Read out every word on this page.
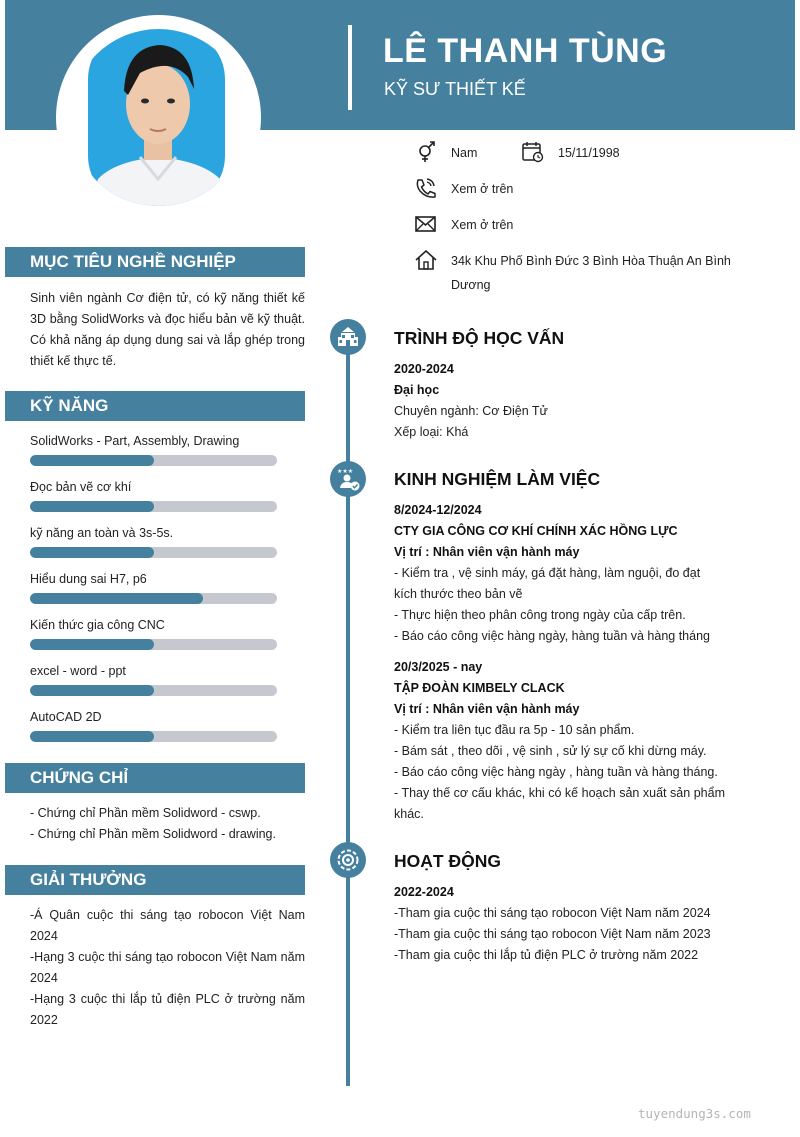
LÊ THANH TÙNG
KỸ SƯ THIẾT KẾ
Nam	15/11/1998
Xem ở trên
Xem ở trên
34k Khu Phố Bình Đức 3 Bình Hòa Thuận An Bình Dương
MỤC TIÊU NGHỀ NGHIỆP
Sinh viên ngành Cơ điện tử, có kỹ năng thiết kế 3D bằng SolidWorks và đọc hiểu bản vẽ kỹ thuật. Có khả năng áp dụng dung sai và lắp ghép trong thiết kế thực tế.
KỸ NĂNG
SolidWorks - Part, Assembly, Drawing
Đọc bản vẽ cơ khí
kỹ năng an toàn và 3s-5s.
Hiểu dung sai H7, p6
Kiến thức gia công CNC
excel - word - ppt
AutoCAD 2D
CHỨNG CHỈ
- Chứng chỉ Phần mềm Solidword - cswp.
- Chứng chỉ Phần mềm Solidword - drawing.
GIẢI THƯỞNG
-Á Quân cuộc thi sáng tạo robocon Việt Nam 2024
-Hạng 3 cuộc thi sáng tạo robocon Việt Nam năm 2024
-Hạng 3 cuộc thi lắp tủ điện PLC ở trường năm 2022
TRÌNH ĐỘ HỌC VẤN
2020-2024
Đại học
Chuyên ngành: Cơ Điện Tử
Xếp loại: Khá
★★★ KINH NGHIỆM LÀM VIỆC
8/2024-12/2024
CTY GIA CÔNG CƠ KHÍ CHÍNH XÁC HỒNG LỰC
Vị trí : Nhân viên vận hành máy
- Kiểm tra , vệ sinh máy, gá đặt hàng, làm nguội, đo đạt kích thước theo bản vẽ
- Thực hiện theo phân công trong ngày của cấp trên.
- Báo cáo công việc hàng ngày, hàng tuần và hàng tháng
20/3/2025 - nay
TẬP ĐOÀN KIMBELY CLACK
Vị trí : Nhân viên vận hành máy
- Kiểm tra liên tục đầu ra 5p - 10 sản phẩm.
- Bám sát , theo dõi , vệ sinh , sử lý sự cố khi dừng máy.
- Báo cáo công việc hàng ngày , hàng tuần và hàng tháng.
- Thay thế cơ cấu khác, khi có kế hoạch sản xuất sản phẩm khác.
HOẠT ĐỘNG
2022-2024
-Tham gia cuộc thi sáng tạo robocon Việt Nam năm 2024
-Tham gia cuộc thi sáng tạo robocon Việt Nam năm 2023
-Tham gia cuộc thi lắp tủ điện PLC ở trường năm 2022
tuyendung3s.com
